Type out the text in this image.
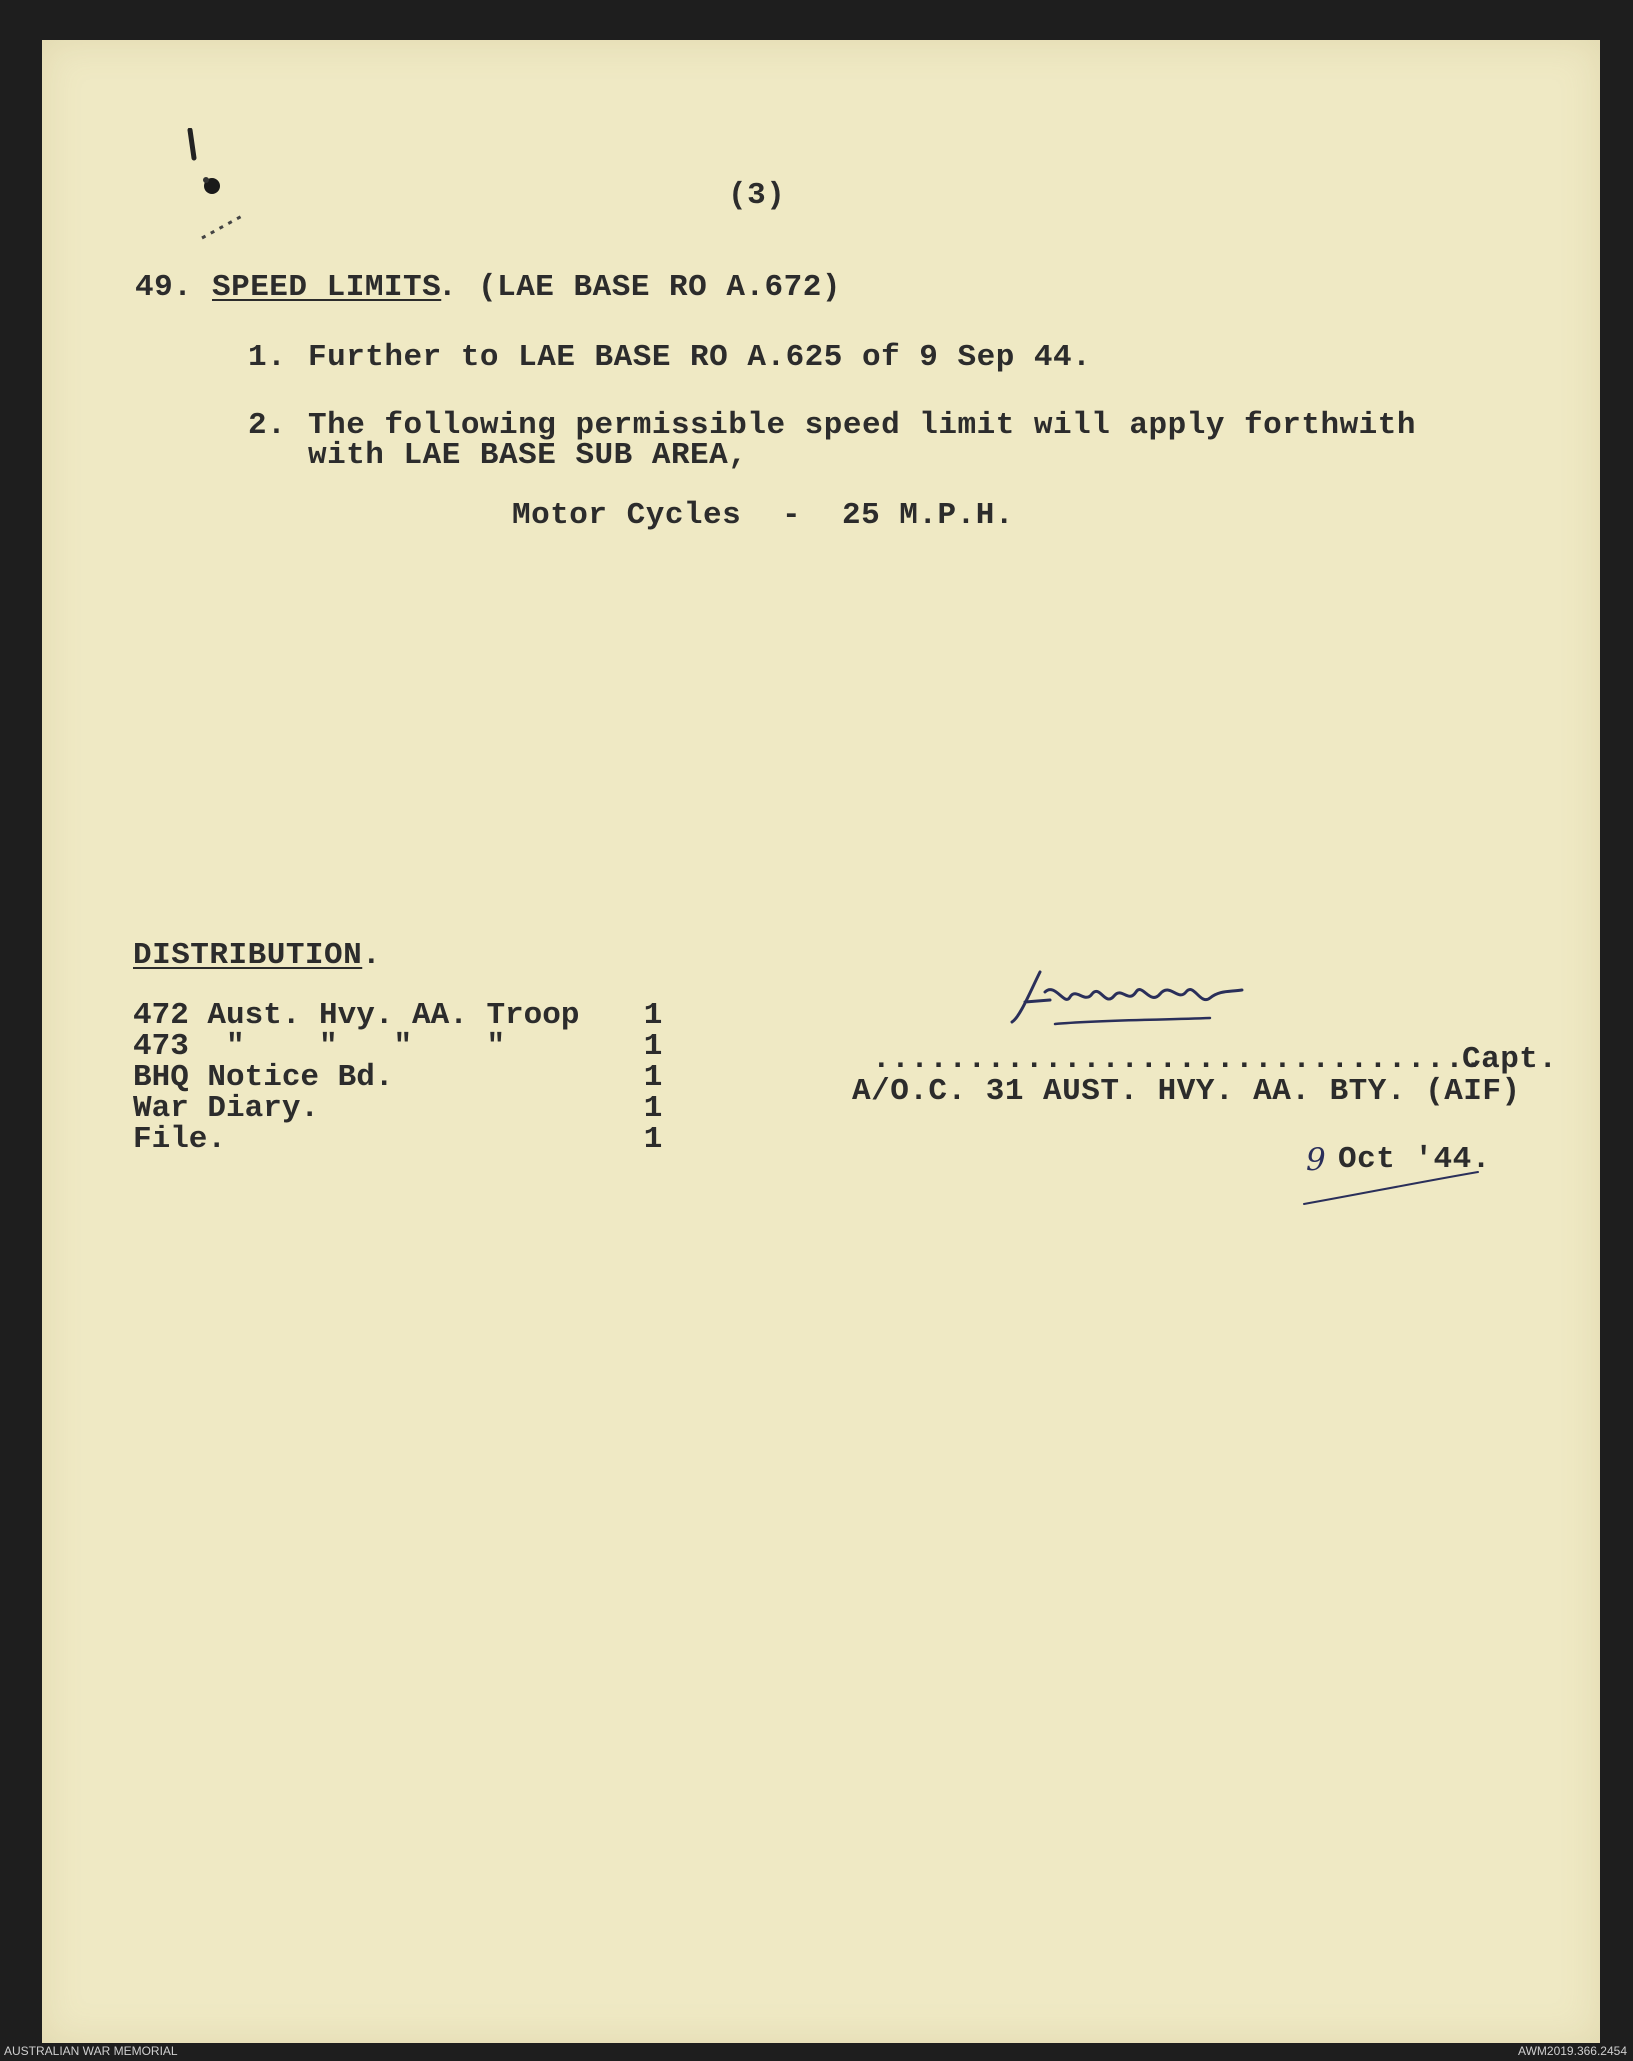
(3)
49. SPEED LIMITS
. (LAE BASE RO A.672)
1. Further to LAE BASE RO A.625 of 9 Sep 44.
2. The following permissible speed limit will apply forthwith
with LAE BASE SUB AREA,
Motor Cycles - 25 M.P.H.
DISTRIBUTION .
472 Aust. Hvy. AA. Troop	1
473  "    "   "    "	1
BHQ Notice Bd.	1
War Diary.	1
File.	1
................................
Capt.
A/O.C. 31 AUST. HVY. AA. BTY. (AIF)
9 Oct '44.
AUSTRALIAN WAR MEMORIAL	AWM2019.366.2454
